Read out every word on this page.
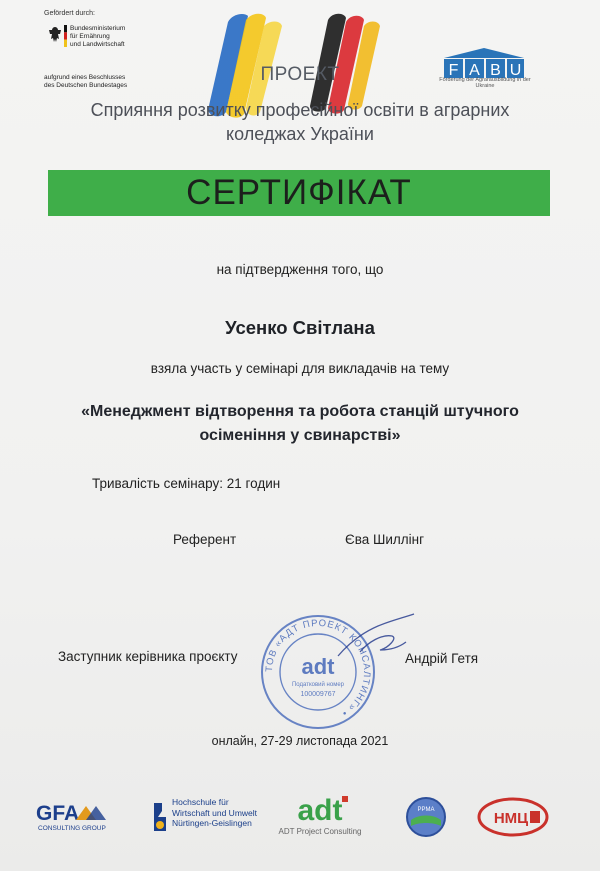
Gefördert durch:
Bundesministerium
für Ernährung
und Landwirtschaft
aufgrund eines Beschlusses
des Deutschen Bundestages
F A B U
Förderung der Agrarausbildung in der Ukraine
ПРОЕКТ
Сприяння розвитку професійної освіти в аграрних
коледжах України
СЕРТИФІКАТ
на підтвердження того, що
Усенко Світлана
взяла участь у семінарі для викладачів на тему
«Менеджмент відтворення та робота станцій штучного
осіменіння у свинарстві»
Тривалість семінару: 21 годин
Референт	Єва Шиллінг
Заступник керівника проєкту	Андрій Гетя
ТОВ «АДТ ПРОЕКТ КОНСАЛТИНГ» •
adt
Податковий номер
100009767
онлайн, 27-29 листопада 2021
GFA
CONSULTING GROUP
Hochschule für
Wirtschaft und Umwelt
Nürtingen-Geislingen	adt
ADT Project Consulting
РРМА	НМЦ
